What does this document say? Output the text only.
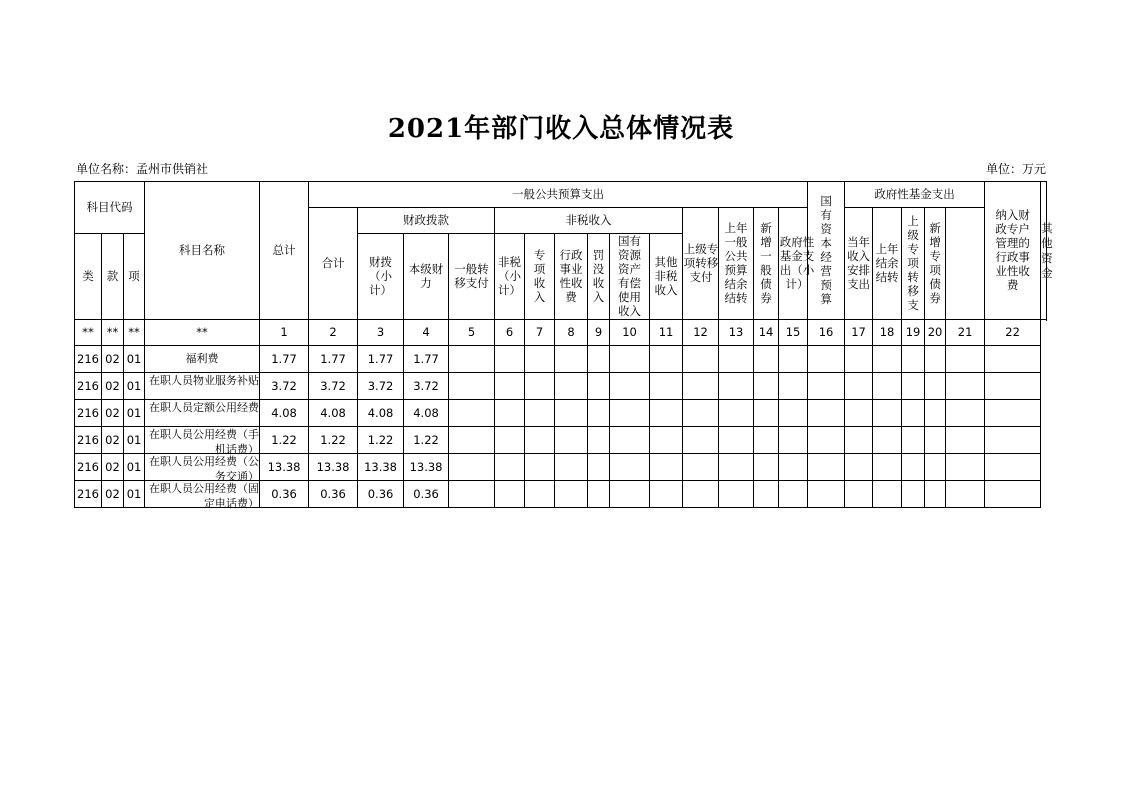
2021年部门收入总体情况表
单位名称：孟州市供销社	单位：万元
科目代码			科目名称	总计	一般公共预算支出														国有资本经营预算	政府性基金支出					纳入财政专户管理的行政事业性收费	其他资金
					合计	财政拨款			非税收入						上级专项转移支付	上年一般公共预算结余结转	新增一般债券	政府性基金支出（小计）		当年收入安排支出	上年结余结转	上级专项转移支	新增专项债券			
类	款	项				财拨（小计）	本级财力	一般转移支付	非税（小计）	专项收入	行政事业性收费	罚没收入	国有资源资产有偿使用收入	其他非税收入												

**	**	**	**	1	2	3	4	5	6	7	8	9	10	11	12	13	14	15	16	17	18	19	20	21	22	
216	02	01	福利费	1.77	1.77	1.77	1.77																			
216	02	01	在职人员物业服务补贴	3.72	3.72	3.72	3.72																			
216	02	01	在职人员定额公用经费	4.08	4.08	4.08	4.08																			
216	02	01	在职人员公用经费（手机话费）	1.22	1.22	1.22	1.22																			
216	02	01	在职人员公用经费（公务交通）	13.38	13.38	13.38	13.38																			
216	02	01	在职人员公用经费（固定电话费）	0.36	0.36	0.36	0.36																			
